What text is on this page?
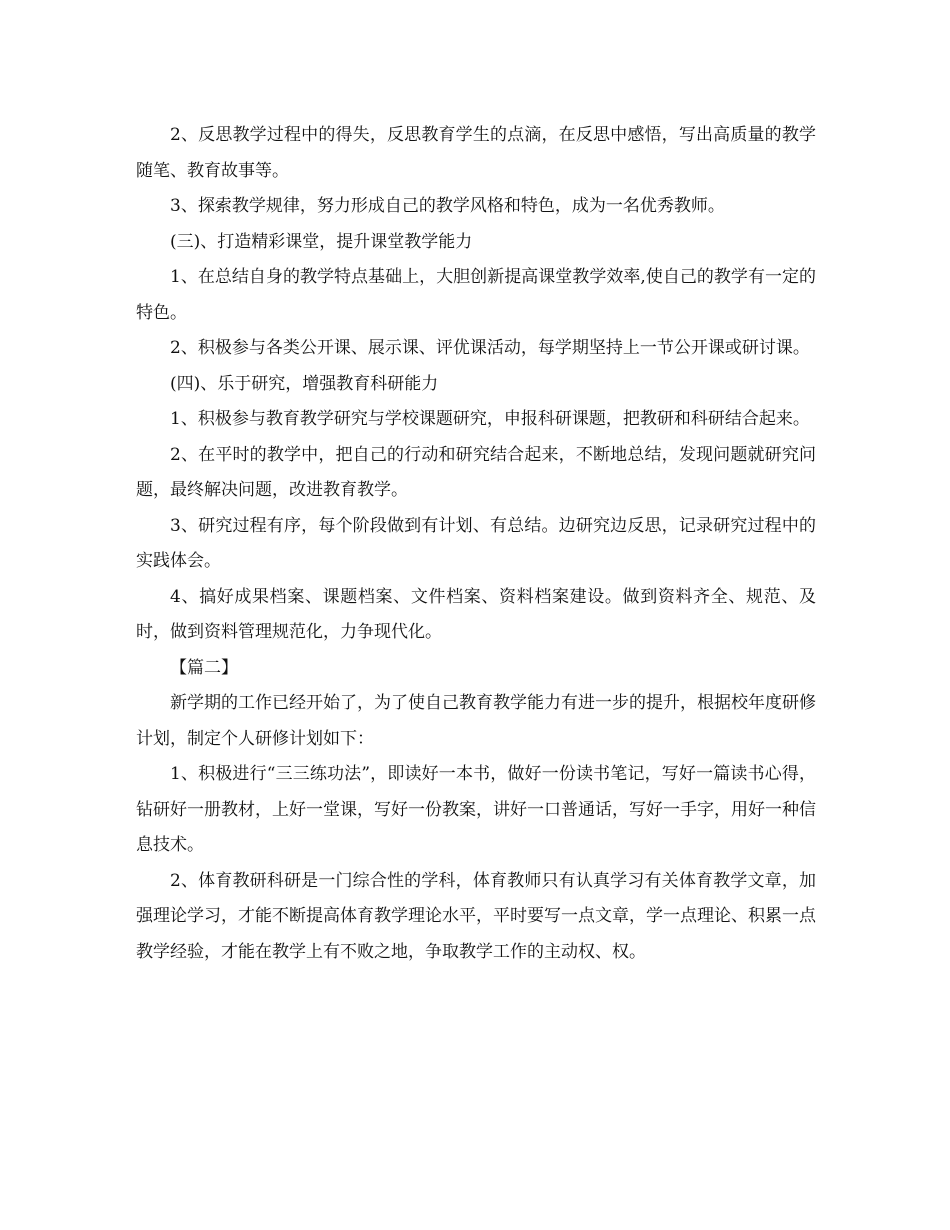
2、反思教学过程中的得失，反思教育学生的点滴，在反思中感悟，写出高质量的教学随笔、教育故事等。

3、探索教学规律，努力形成自己的教学风格和特色，成为一名优秀教师。

(三)、打造精彩课堂，提升课堂教学能力

1、在总结自身的教学特点基础上，大胆创新提高课堂教学效率,使自己的教学有一定的特色。

2、积极参与各类公开课、展示课、评优课活动，每学期坚持上一节公开课或研讨课。

(四)、乐于研究，增强教育科研能力

1、积极参与教育教学研究与学校课题研究，申报科研课题，把教研和科研结合起来。

2、在平时的教学中，把自己的行动和研究结合起来，不断地总结，发现问题就研究问题，最终解决问题，改进教育教学。

3、研究过程有序，每个阶段做到有计划、有总结。边研究边反思，记录研究过程中的实践体会。

4、搞好成果档案、课题档案、文件档案、资料档案建设。做到资料齐全、规范、及时，做到资料管理规范化，力争现代化。

【篇二】

新学期的工作已经开始了，为了使自己教育教学能力有进一步的提升，根据校年度研修计划，制定个人研修计划如下：

1、积极进行“三三练功法”，即读好一本书，做好一份读书笔记，写好一篇读书心得，钻研好一册教材，上好一堂课，写好一份教案，讲好一口普通话，写好一手字，用好一种信息技术。

2、体育教研科研是一门综合性的学科，体育教师只有认真学习有关体育教学文章，加强理论学习，才能不断提高体育教学理论水平，平时要写一点文章，学一点理论、积累一点教学经验，才能在教学上有不败之地，争取教学工作的主动权、权。
